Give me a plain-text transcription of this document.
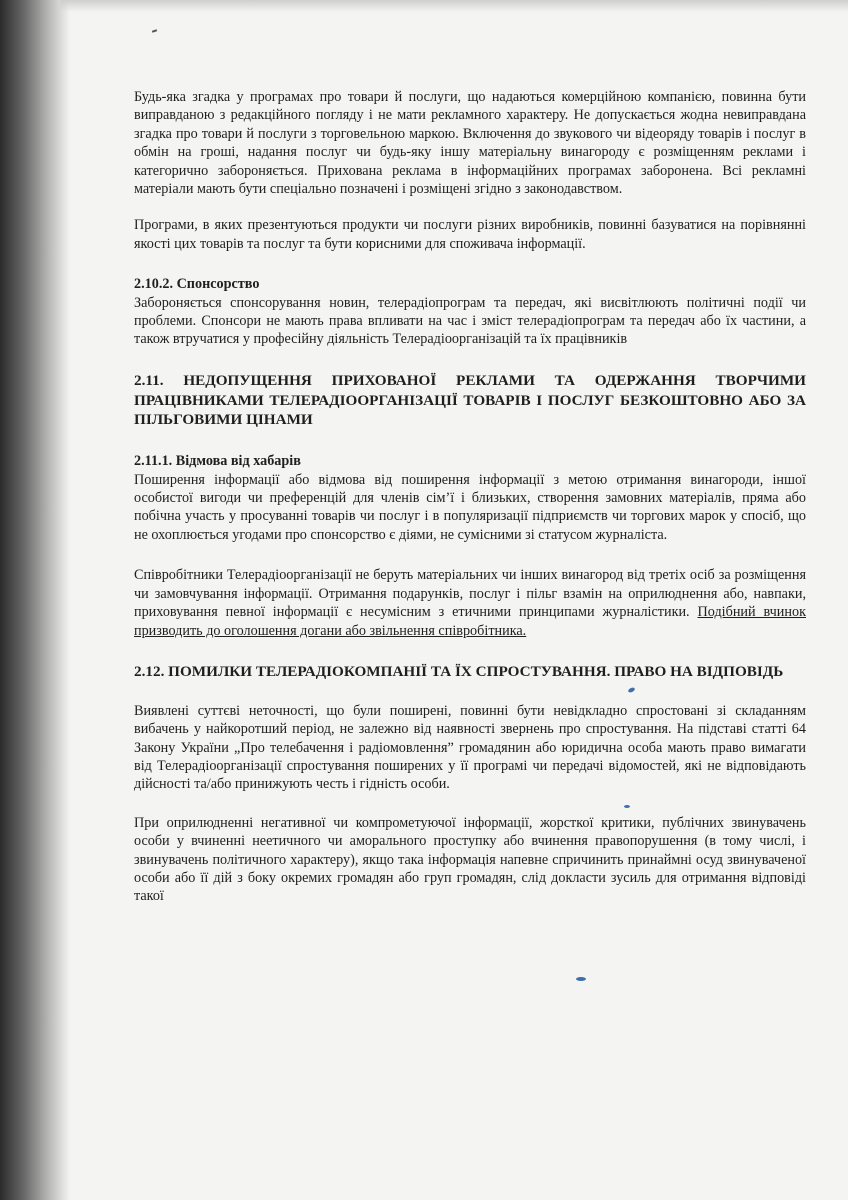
Будь-яка згадка у програмах про товари й послуги, що надаються комерційною компанією, повинна бути виправданою з редакційного погляду і не мати рекламного характеру. Не допускається жодна невиправдана згадка про товари й послуги з торговельною маркою. Включення до звукового чи відеоряду товарів і послуг в обмін на гроші, надання послуг чи будь-яку іншу матеріальну винагороду є розміщенням реклами і категорично забороняється. Прихована реклама в інформаційних програмах заборонена. Всі рекламні матеріали мають бути спеціально позначені і розміщені згідно з законодавством.

Програми, в яких презентуються продукти чи послуги різних виробників, повинні базуватися на порівнянні якості цих товарів та послуг та бути корисними для споживача інформації.

2.10.2. Спонсорство

Забороняється спонсорування новин, телерадіопрограм та передач, які висвітлюють політичні події чи проблеми. Спонсори не мають права впливати на час і зміст телерадіопрограм та передач або їх частини, а також втручатися у професійну діяльність Телерадіоорганізацій та їх працівників

2.11. НЕДОПУЩЕННЯ ПРИХОВАНОЇ РЕКЛАМИ ТА ОДЕРЖАННЯ ТВОРЧИМИ ПРАЦІВНИКАМИ ТЕЛЕРАДІООРГАНІЗАЦІЇ ТОВАРІВ І ПОСЛУГ БЕЗКОШТОВНО АБО ЗА ПІЛЬГОВИМИ ЦІНАМИ
2.11.1. Відмова від хабарів

Поширення інформації або відмова від поширення інформації з метою отримання винагороди, іншої особистої вигоди чи преференцій для членів сім’ї і близьких, створення замовних матеріалів, пряма або побічна участь у просуванні товарів чи послуг і в популяризації підприємств чи торгових марок у спосіб, що не охоплюється угодами про спонсорство є діями, не сумісними зі статусом журналіста.

Співробітники Телерадіоорганізації не беруть матеріальних чи інших винагород від третіх осіб за розміщення чи замовчування інформації. Отримання подарунків, послуг і пільг взамін на оприлюднення або, навпаки, приховування певної інформації є несумісним з етичними принципами журналістики. Подібний вчинок призводить до оголошення догани або звільнення співробітника.

2.12. ПОМИЛКИ ТЕЛЕРАДІОКОМПАНІЇ ТА ЇХ СПРОСТУВАННЯ. ПРАВО НА ВІДПОВІДЬ

Виявлені суттєві неточності, що були поширені, повинні бути невідкладно спростовані зі складанням вибачень у найкоротший період, не залежно від наявності звернень про спростування. На підставі статті 64 Закону України „Про телебачення і радіомовлення” громадянин або юридична особа мають право вимагати від Телерадіоорганізації спростування поширених у її програмі чи передачі відомостей, які не відповідають дійсності та/або принижують честь і гідність особи.

При оприлюдненні негативної чи компрометуючої інформації, жорсткої критики, публічних звинувачень особи у вчиненні неетичного чи аморального проступку або вчинення правопорушення (в тому числі, і звинувачень політичного характеру), якщо така інформація напевне спричинить принаймні осуд звинуваченої особи або її дій з боку окремих громадян або груп громадян, слід докласти зусиль для отримання відповіді такої
